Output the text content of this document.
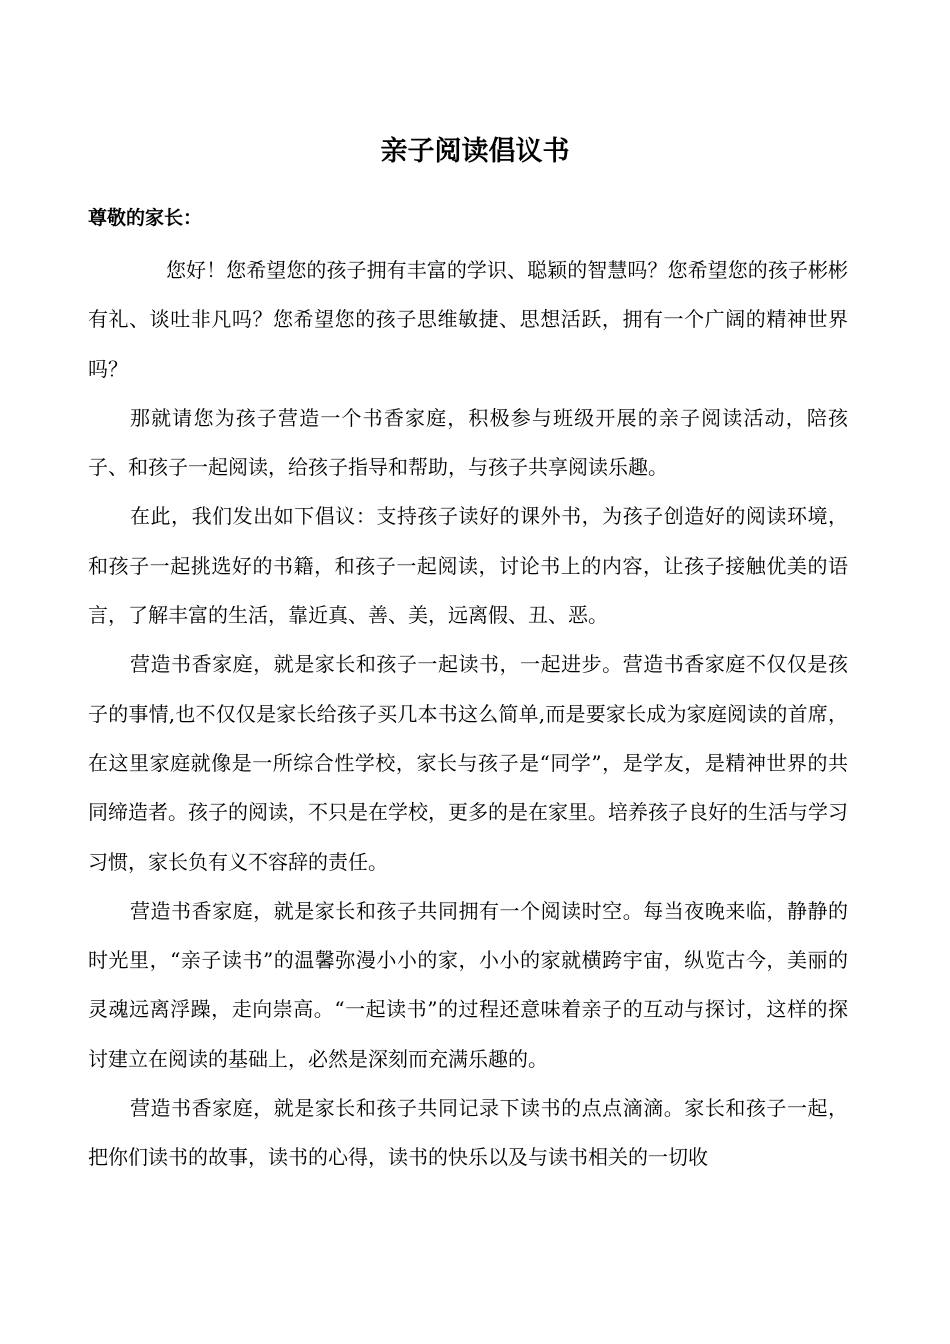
亲子阅读倡议书

尊敬的家长：

您好！您希望您的孩子拥有丰富的学识、聪颖的智慧吗？您希望您的孩子彬彬有礼、谈吐非凡吗？您希望您的孩子思维敏捷、思想活跃，拥有一个广阔的精神世界吗？

那就请您为孩子营造一个书香家庭，积极参与班级开展的亲子阅读活动，陪孩子、和孩子一起阅读，给孩子指导和帮助，与孩子共享阅读乐趣。

在此，我们发出如下倡议：支持孩子读好的课外书，为孩子创造好的阅读环境，和孩子一起挑选好的书籍，和孩子一起阅读，讨论书上的内容，让孩子接触优美的语言，了解丰富的生活，靠近真、善、美，远离假、丑、恶。

营造书香家庭，就是家长和孩子一起读书，一起进步。营造书香家庭不仅仅是孩子的事情,也不仅仅是家长给孩子买几本书这么简单,而是要家长成为家庭阅读的首席，在这里家庭就像是一所综合性学校，家长与孩子是“同学”，是学友，是精神世界的共同缔造者。孩子的阅读，不只是在学校，更多的是在家里。培养孩子良好的生活与学习习惯，家长负有义不容辞的责任。

营造书香家庭，就是家长和孩子共同拥有一个阅读时空。每当夜晚来临，静静的时光里，“亲子读书”的温馨弥漫小小的家，小小的家就横跨宇宙，纵览古今，美丽的灵魂远离浮躁，走向崇高。“一起读书”的过程还意味着亲子的互动与探讨，这样的探讨建立在阅读的基础上，必然是深刻而充满乐趣的。

营造书香家庭，就是家长和孩子共同记录下读书的点点滴滴。家长和孩子一起，把你们读书的故事，读书的心得，读书的快乐以及与读书相关的一切收
